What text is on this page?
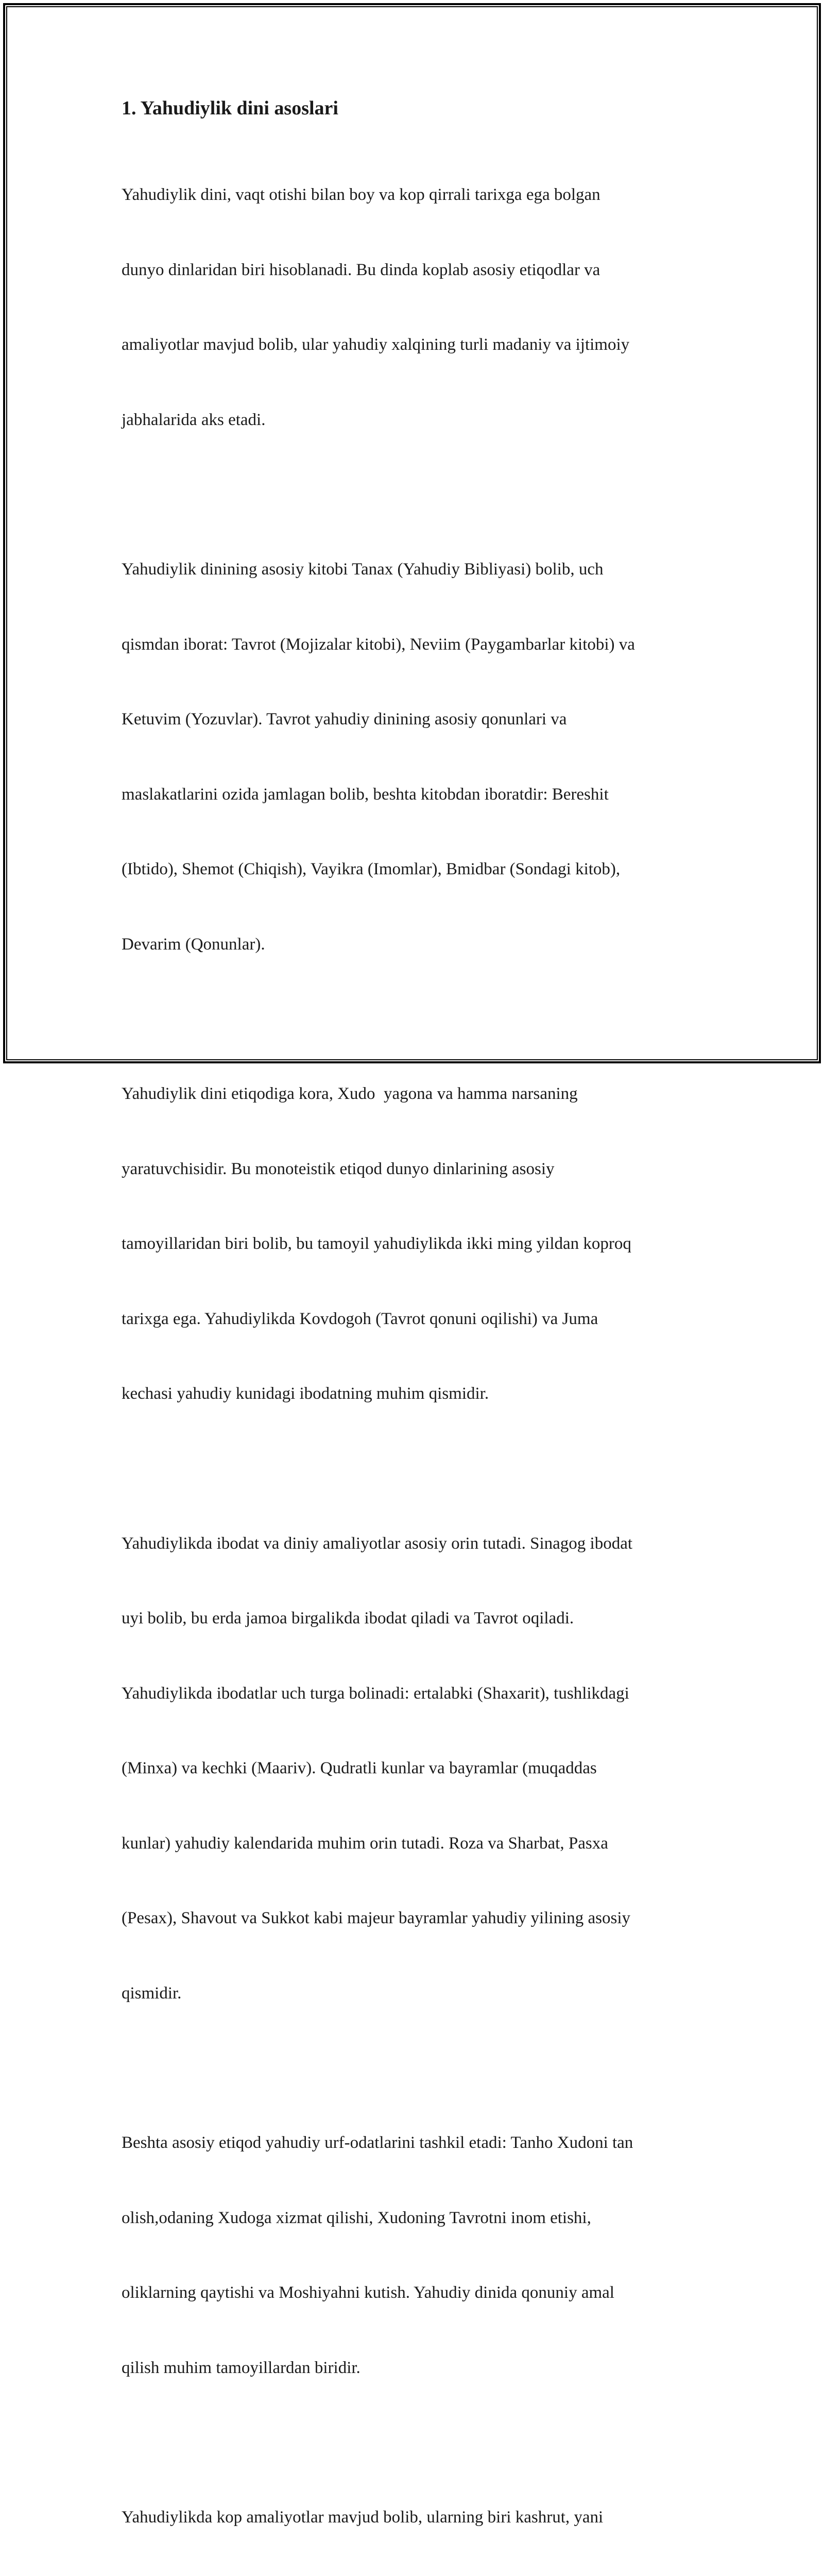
1. Yahudiylik dini asoslari

Yahudiylik dini, vaqt otishi bilan boy va kop qirrali tarixga ega bolgan

dunyo dinlaridan biri hisoblanadi. Bu dinda koplab asosiy etiqodlar va

amaliyotlar mavjud bolib, ular yahudiy xalqining turli madaniy va ijtimoiy

jabhalarida aks etadi.

Yahudiylik dinining asosiy kitobi Tanax (Yahudiy Bibliyasi) bolib, uch

qismdan iborat: Tavrot (Mojizalar kitobi), Neviim (Paygambarlar kitobi) va

Ketuvim (Yozuvlar). Tavrot yahudiy dinining asosiy qonunlari va

maslakatlarini ozida jamlagan bolib, beshta kitobdan iboratdir: Bereshit

(Ibtido), Shemot (Chiqish), Vayikra (Imomlar), Bmidbar (Sondagi kitob),

Devarim (Qonunlar).

Yahudiylik dini etiqodiga kora, Xudo  yagona va hamma narsaning

yaratuvchisidir. Bu monoteistik etiqod dunyo dinlarining asosiy

tamoyillaridan biri bolib, bu tamoyil yahudiylikda ikki ming yildan koproq

tarixga ega. Yahudiylikda Kovdogoh (Tavrot qonuni oqilishi) va Juma

kechasi yahudiy kunidagi ibodatning muhim qismidir.

Yahudiylikda ibodat va diniy amaliyotlar asosiy orin tutadi. Sinagog ibodat

uyi bolib, bu erda jamoa birgalikda ibodat qiladi va Tavrot oqiladi.

Yahudiylikda ibodatlar uch turga bolinadi: ertalabki (Shaxarit), tushlikdagi

(Minxa) va kechki (Maariv). Qudratli kunlar va bayramlar (muqaddas

kunlar) yahudiy kalendarida muhim orin tutadi. Roza va Sharbat, Pasxa

(Pesax), Shavout va Sukkot kabi majeur bayramlar yahudiy yilining asosiy

qismidir.

Beshta asosiy etiqod yahudiy urf-odatlarini tashkil etadi: Tanho Xudoni tan

olish,odaning Xudoga xizmat qilishi, Xudoning Tavrotni inom etishi,

oliklarning qaytishi va Moshiyahni kutish. Yahudiy dinida qonuniy amal

qilish muhim tamoyillardan biridir.

Yahudiylikda kop amaliyotlar mavjud bolib, ularning biri kashrut, yani
